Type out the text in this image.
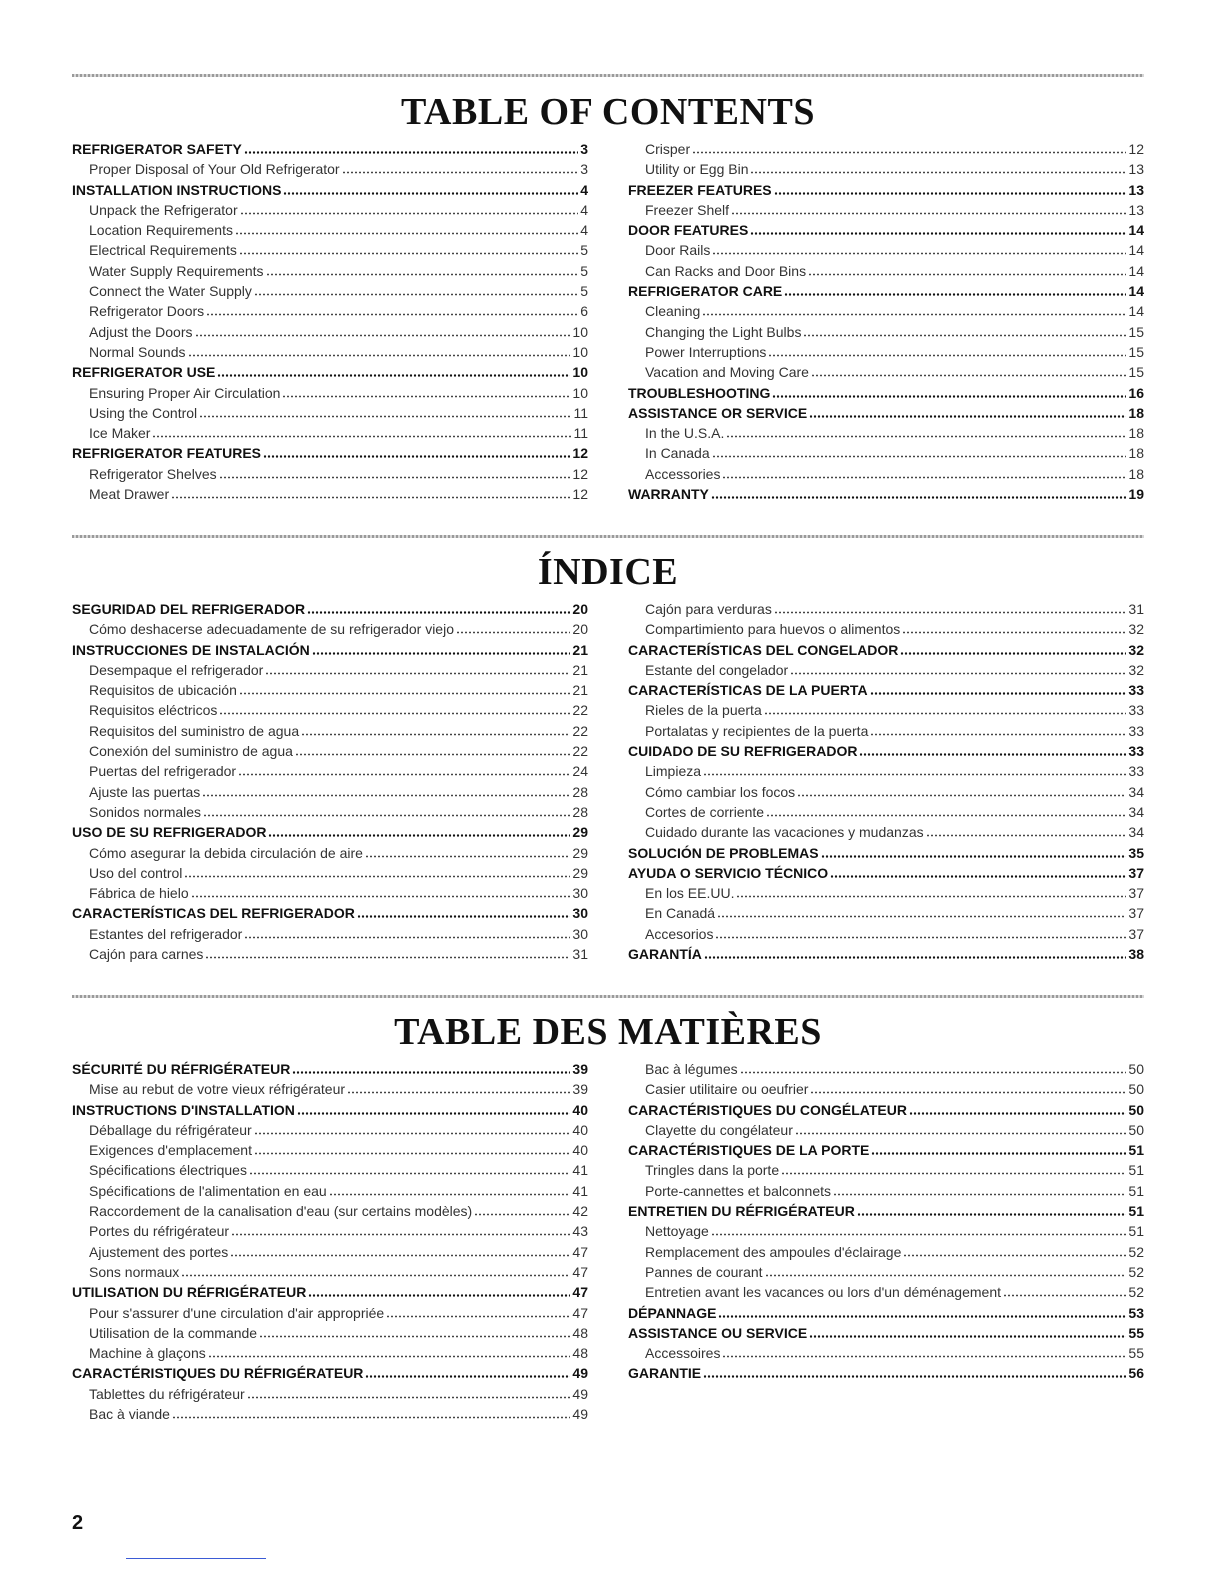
TABLE OF CONTENTS
REFRIGERATOR SAFETY	3
Proper Disposal of Your Old Refrigerator	3
INSTALLATION INSTRUCTIONS	4
Unpack the Refrigerator	4
Location Requirements	4
Electrical Requirements	5
Water Supply Requirements	5
Connect the Water Supply	5
Refrigerator Doors	6
Adjust the Doors	10
Normal Sounds	10
REFRIGERATOR USE	10
Ensuring Proper Air Circulation	10
Using the Control	11
Ice Maker	11
REFRIGERATOR FEATURES	12
Refrigerator Shelves	12
Meat Drawer	12
Crisper	12
Utility or Egg Bin	13
FREEZER FEATURES	13
Freezer Shelf	13
DOOR FEATURES	14
Door Rails	14
Can Racks and Door Bins	14
REFRIGERATOR CARE	14
Cleaning	14
Changing the Light Bulbs	15
Power Interruptions	15
Vacation and Moving Care	15
TROUBLESHOOTING	16
ASSISTANCE OR SERVICE	18
In the U.S.A.	18
In Canada	18
Accessories	18
WARRANTY	19
ÍNDICE
SEGURIDAD DEL REFRIGERADOR	20
Cómo deshacerse adecuadamente de su refrigerador viejo	20
INSTRUCCIONES DE INSTALACIÓN	21
Desempaque el refrigerador	21
Requisitos de ubicación	21
Requisitos eléctricos	22
Requisitos del suministro de agua	22
Conexión del suministro de agua	22
Puertas del refrigerador	24
Ajuste las puertas	28
Sonidos normales	28
USO DE SU REFRIGERADOR	29
Cómo asegurar la debida circulación de aire	29
Uso del control	29
Fábrica de hielo	30
CARACTERÍSTICAS DEL REFRIGERADOR	30
Estantes del refrigerador	30
Cajón para carnes	31
Cajón para verduras	31
Compartimiento para huevos o alimentos	32
CARACTERÍSTICAS DEL CONGELADOR	32
Estante del congelador	32
CARACTERÍSTICAS DE LA PUERTA	33
Rieles de la puerta	33
Portalatas y recipientes de la puerta	33
CUIDADO DE SU REFRIGERADOR	33
Limpieza	33
Cómo cambiar los focos	34
Cortes de corriente	34
Cuidado durante las vacaciones y mudanzas	34
SOLUCIÓN DE PROBLEMAS	35
AYUDA O SERVICIO TÉCNICO	37
En los EE.UU.	37
En Canadá	37
Accesorios	37
GARANTÍA	38
TABLE DES MATIÈRES
SÉCURITÉ DU RÉFRIGÉRATEUR	39
Mise au rebut de votre vieux réfrigérateur	39
INSTRUCTIONS D'INSTALLATION	40
Déballage du réfrigérateur	40
Exigences d'emplacement	40
Spécifications électriques	41
Spécifications de l'alimentation en eau	41
Raccordement de la canalisation d'eau (sur certains modèles)	42
Portes du réfrigérateur	43
Ajustement des portes	47
Sons normaux	47
UTILISATION DU RÉFRIGÉRATEUR	47
Pour s'assurer d'une circulation d'air appropriée	47
Utilisation de la commande	48
Machine à glaçons	48
CARACTÉRISTIQUES DU RÉFRIGÉRATEUR	49
Tablettes du réfrigérateur	49
Bac à viande	49
Bac à légumes	50
Casier utilitaire ou oeufrier	50
CARACTÉRISTIQUES DU CONGÉLATEUR	50
Clayette du congélateur	50
CARACTÉRISTIQUES DE LA PORTE	51
Tringles dans la porte	51
Porte-cannettes et balconnets	51
ENTRETIEN DU RÉFRIGÉRATEUR	51
Nettoyage	51
Remplacement des ampoules d'éclairage	52
Pannes de courant	52
Entretien avant les vacances ou lors d'un déménagement	52
DÉPANNAGE	53
ASSISTANCE OU SERVICE	55
Accessoires	55
GARANTIE	56
2
